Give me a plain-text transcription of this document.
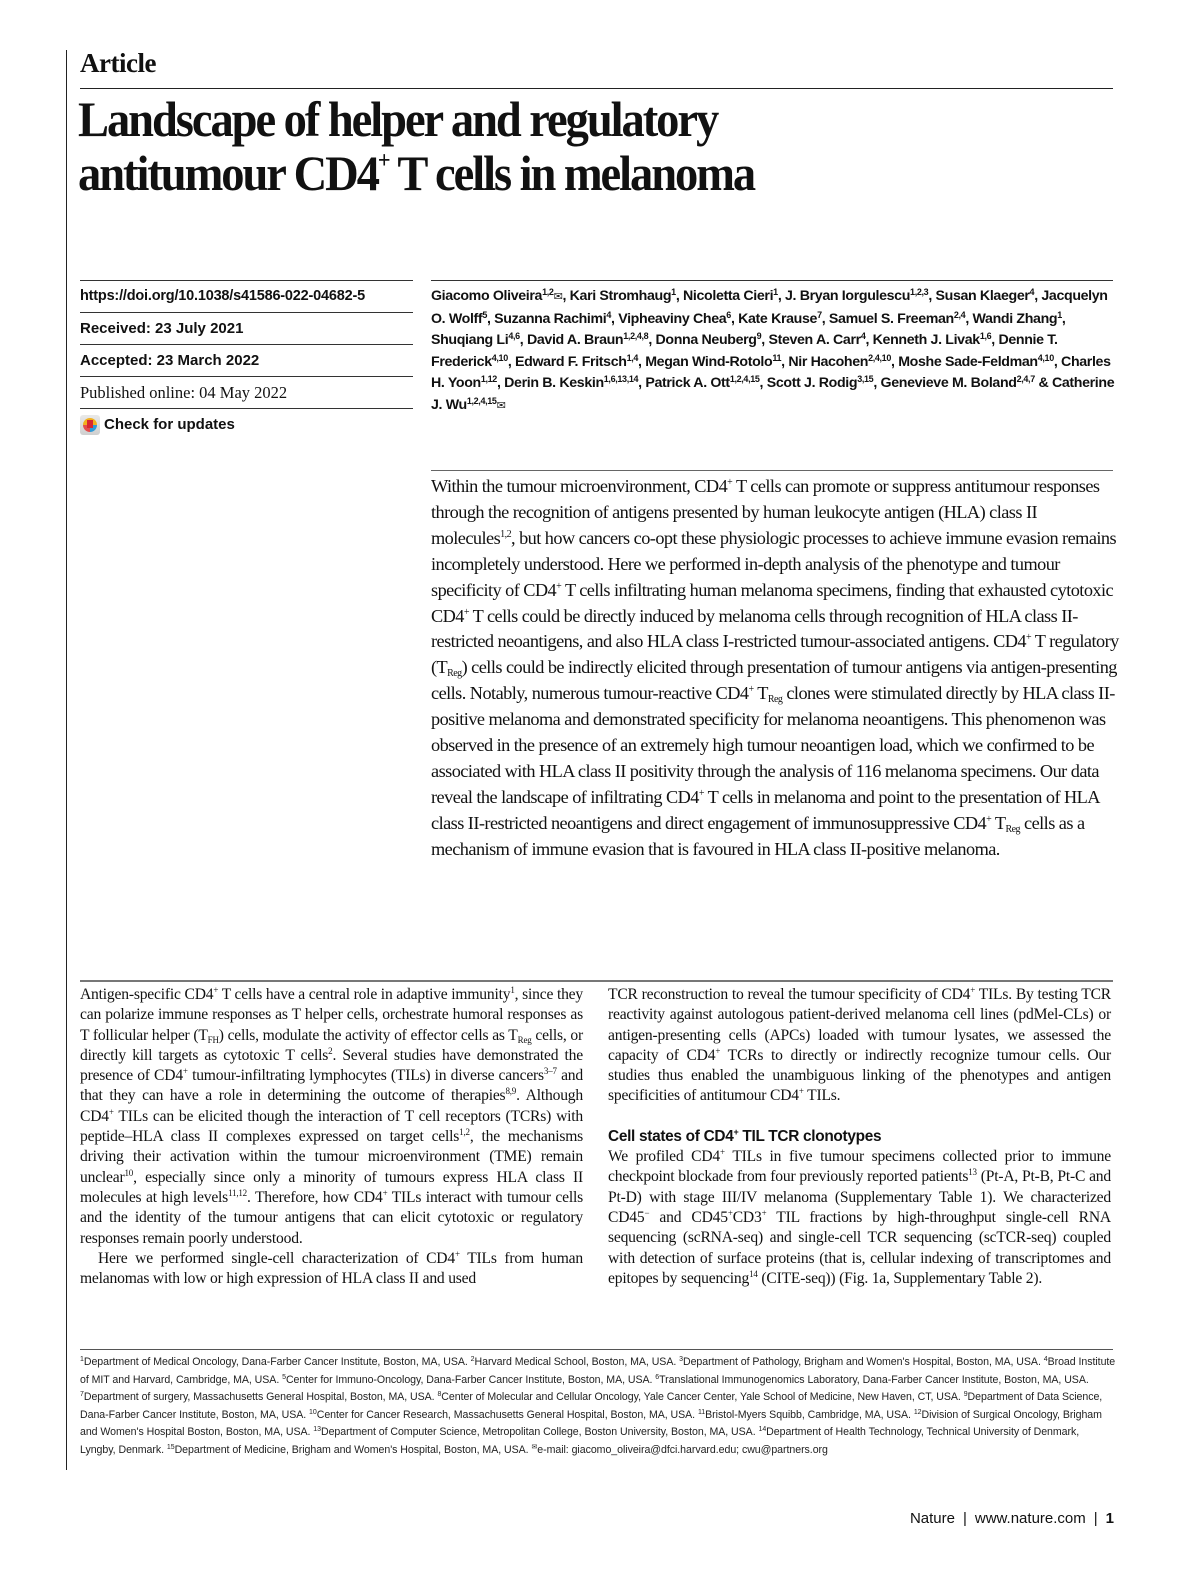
Article
Landscape of helper and regulatory
antitumour CD4+ T cells in melanoma
https://doi.org/10.1038/s41586-022-04682-5
Received: 23 July 2021
Accepted: 23 March 2022
Published online: 04 May 2022
Check for updates
Giacomo Oliveira$^{1,2}$✉, Kari Stromhaug$^1$, Nicoletta Cieri$^1$, J. Bryan Iorgulescu$^{1,2,3}$, Susan Klaeger$^4$, Jacquelyn O. Wolff$^5$, Suzanna Rachimi$^4$, Vipheaviny Chea$^6$, Kate Krause$^7$, Samuel S. Freeman$^{2,4}$, Wandi Zhang$^1$, Shuqiang Li$^{4,6}$, David A. Braun$^{1,2,4,8}$, Donna Neuberg$^9$, Steven A. Carr$^4$, Kenneth J. Livak$^{1,6}$, Dennie T. Frederick$^{4,10}$, Edward F. Fritsch$^{1,4}$, Megan Wind-Rotolo$^{11}$, Nir Hacohen$^{2,4,10}$, Moshe Sade-Feldman$^{4,10}$, Charles H. Yoon$^{1,12}$, Derin B. Keskin$^{1,6,13,14}$, Patrick A. Ott$^{1,2,4,15}$, Scott J. Rodig$^{3,15}$, Genevieve M. Boland$^{2,4,7}$ & Catherine J. Wu$^{1,2,4,15}$✉
Within the tumour microenvironment, CD4+ T cells can promote or suppress antitumour responses through the recognition of antigens presented by human leukocyte antigen (HLA) class II molecules$^{1,2}$, but how cancers co-opt these physiologic processes to achieve immune evasion remains incompletely understood. Here we performed in-depth analysis of the phenotype and tumour specificity of CD4+ T cells infiltrating human melanoma specimens, finding that exhausted cytotoxic CD4+ T cells could be directly induced by melanoma cells through recognition of HLA class II-restricted neoantigens, and also HLA class I-restricted tumour-associated antigens. CD4+ T regulatory $(T_{Reg})$ cells could be indirectly elicited through presentation of tumour antigens via antigen-presenting cells. Notably, numerous tumour-reactive CD4+ $T_{Reg}$ clones were stimulated directly by HLA class II-positive melanoma and demonstrated specificity for melanoma neoantigens. This phenomenon was observed in the presence of an extremely high tumour neoantigen load, which we confirmed to be associated with HLA class II positivity through the analysis of 116 melanoma specimens. Our data reveal the landscape of infiltrating CD4+ T cells in melanoma and point to the presentation of HLA class II-restricted neoantigens and direct engagement of immunosuppressive CD4+ $T_{Reg}$ cells as a mechanism of immune evasion that is favoured in HLA class II-positive melanoma.

Antigen-specific CD4+ T cells have a central role in adaptive immunity$^1$, since they can polarize immune responses as T helper cells, orchestrate humoral responses as T follicular helper $(T_{FH})$ cells, modulate the activity of effector cells as $T_{Reg}$ cells, or directly kill targets as cytotoxic T cells$^2$. Several studies have demonstrated the presence of CD4+ tumour-infiltrating lymphocytes (TILs) in diverse cancers$^{3-7}$ and that they can have a role in determining the outcome of therapies$^{8,9}$. Although CD4+ TILs can be elicited though the interaction of T cell receptors (TCRs) with peptide–HLA class II complexes expressed on target cells$^{1,2}$, the mechanisms driving their activation within the tumour microenvironment (TME) remain unclear$^{10}$, especially since only a minority of tumours express HLA class II molecules at high levels$^{11,12}$. Therefore, how CD4+ TILs interact with tumour cells and the identity of the tumour antigens that can elicit cytotoxic or regulatory responses remain poorly understood.

Here we performed single-cell characterization of CD4+ TILs from human melanomas with low or high expression of HLA class II and used

TCR reconstruction to reveal the tumour specificity of CD4+ TILs. By testing TCR reactivity against autologous patient-derived melanoma cell lines (pdMel-CLs) or antigen-presenting cells (APCs) loaded with tumour lysates, we assessed the capacity of CD4+ TCRs to directly or indirectly recognize tumour cells. Our studies thus enabled the unambiguous linking of the phenotypes and antigen specificities of antitumour CD4+ TILs.

Cell states of CD4+ TIL TCR clonotypes

We profiled CD4+ TILs in five tumour specimens collected prior to immune checkpoint blockade from four previously reported patients$^{13}$ (Pt-A, Pt-B, Pt-C and Pt-D) with stage III/IV melanoma (Supplementary Table 1). We characterized CD45− and CD45+CD3+ TIL fractions by high-throughput single-cell RNA sequencing (scRNA-seq) and single-cell TCR sequencing (scTCR-seq) coupled with detection of surface proteins (that is, cellular indexing of transcriptomes and epitopes by sequencing$^{14}$ (CITE-seq)) (Fig. 1a, Supplementary Table 2).

$^1$Department of Medical Oncology, Dana-Farber Cancer Institute, Boston, MA, USA. $^2$Harvard Medical School, Boston, MA, USA. $^3$Department of Pathology, Brigham and Women's Hospital, Boston, MA, USA. $^4$Broad Institute of MIT and Harvard, Cambridge, MA, USA. $^5$Center for Immuno-Oncology, Dana-Farber Cancer Institute, Boston, MA, USA. $^6$Translational Immunogenomics Laboratory, Dana-Farber Cancer Institute, Boston, MA, USA. $^7$Department of surgery, Massachusetts General Hospital, Boston, MA, USA. $^8$Center of Molecular and Cellular Oncology, Yale Cancer Center, Yale School of Medicine, New Haven, CT, USA. $^9$Department of Data Science, Dana-Farber Cancer Institute, Boston, MA, USA. $^{10}$Center for Cancer Research, Massachusetts General Hospital, Boston, MA, USA. $^{11}$Bristol-Myers Squibb, Cambridge, MA, USA. $^{12}$Division of Surgical Oncology, Brigham and Women's Hospital Boston, Boston, MA, USA. $^{13}$Department of Computer Science, Metropolitan College, Boston University, Boston, MA, USA. $^{14}$Department of Health Technology, Technical University of Denmark, Lyngby, Denmark. $^{15}$Department of Medicine, Brigham and Women's Hospital, Boston, MA, USA. ✉e-mail: giacomo_oliveira@dfci.harvard.edu; cwu@partners.org
Nature | www.nature.com | 1
